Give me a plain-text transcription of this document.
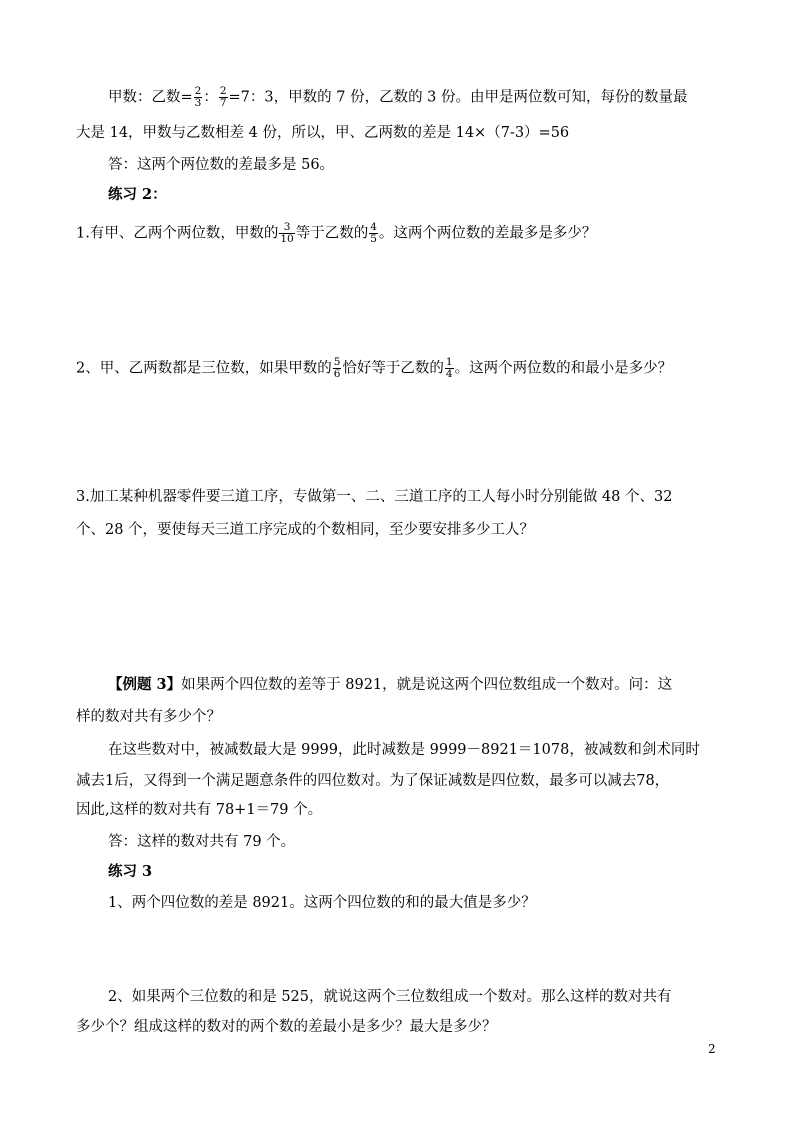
甲数：乙数= $\frac{2}{3}$ ： $\frac{2}{7} =7$：3，甲数的 7 份，乙数的 3 份。由甲是两位数可知，每份的数量最
大是 14，甲数与乙数相差 4 份，所以，甲、乙两数的差是 14×（7-3）=56
答：这两个两位数的差最多是 56。
练习 2：
1.有甲、乙两个两位数，甲数的 $\frac{3}{10}$ 等于乙数的 $\frac{4}{5}$ 。这两个两位数的差最多是多少？
2、甲、乙两数都是三位数，如果甲数的 $\frac{5}{6}$ 恰好等于乙数的 $\frac{1}{4}$ 。这两个两位数的和最小是多少？
3.加工某种机器零件要三道工序，专做第一、二、三道工序的工人每小时分别能做 48 个、32
个、28 个，要使每天三道工序完成的个数相同，至少要安排多少工人？
【例题 3】如果两个四位数的差等于 8921，就是说这两个四位数组成一个数对。问：这
样的数对共有多少个？
在这些数对中，被减数最大是 9999，此时减数是 9999－8921＝1078，被减数和剑术同时
减去1后，又得到一个满足题意条件的四位数对。为了保证减数是四位数，最多可以减去78，
因此,这样的数对共有 78+1＝79 个。
答：这样的数对共有 79 个。
练习 3
1、两个四位数的差是 8921。这两个四位数的和的最大值是多少？
2、如果两个三位数的和是 525，就说这两个三位数组成一个数对。那么这样的数对共有
多少个？组成这样的数对的两个数的差最小是多少？最大是多少？
2
